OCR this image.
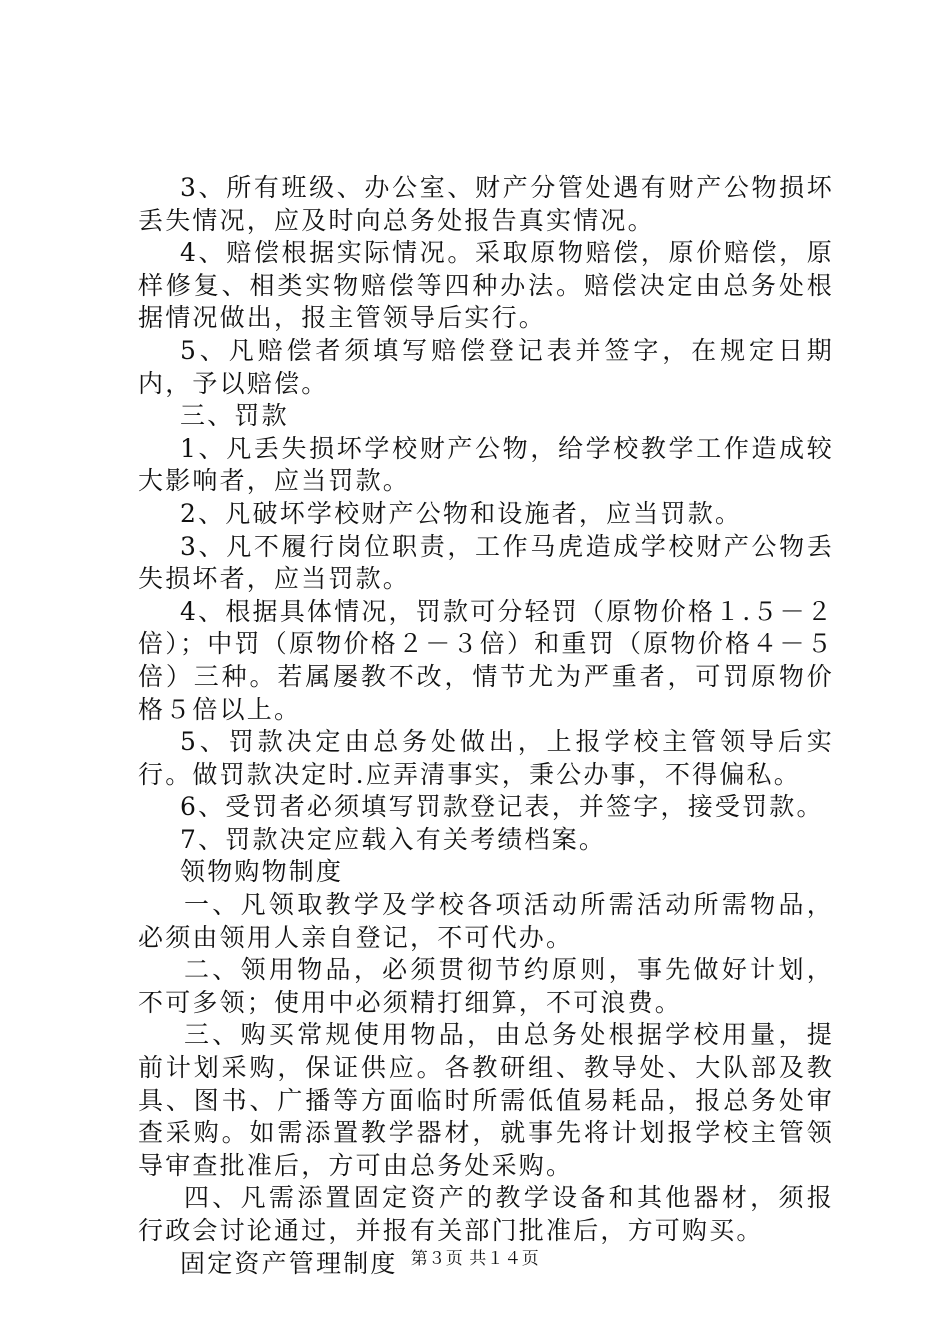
3、所有班级、办公室、财产分管处遇有财产公物损坏丢失情况，应及时向总务处报告真实情况。

4、赔偿根据实际情况。采取原物赔偿，原价赔偿，原样修复、相类实物赔偿等四种办法。赔偿决定由总务处根据情况做出，报主管领导后实行。

5、凡赔偿者须填写赔偿登记表并签字，在规定日期内，予以赔偿。

三、罚款

1、凡丢失损坏学校财产公物，给学校教学工作造成较大影响者，应当罚款。

2、凡破坏学校财产公物和设施者，应当罚款。

3、凡不履行岗位职责，工作马虎造成学校财产公物丢失损坏者，应当罚款。

4、根据具体情况，罚款可分轻罚（原物价格１.５－２倍）；中罚（原物价格２－３倍）和重罚（原物价格４－５倍）三种。若属屡教不改，情节尤为严重者，可罚原物价格５倍以上。

5、罚款决定由总务处做出，上报学校主管领导后实行。做罚款决定时.应弄清事实，秉公办事，不得偏私。

6、受罚者必须填写罚款登记表，并签字，接受罚款。

7、罚款决定应载入有关考绩档案。

领物购物制度

一、凡领取教学及学校各项活动所需活动所需物品，必须由领用人亲自登记，不可代办。

二、领用物品，必须贯彻节约原则，事先做好计划，不可多领；使用中必须精打细算，不可浪费。

三、购买常规使用物品，由总务处根据学校用量，提前计划采购，保证供应。各教研组、教导处、大队部及教具、图书、广播等方面临时所需低值易耗品，报总务处审查采购。如需添置教学器材，就事先将计划报学校主管领导审查批准后，方可由总务处采购。

四、凡需添置固定资产的教学设备和其他器材，须报行政会讨论通过，并报有关部门批准后，方可购买。

固定资产管理制度 第３页 共１４页
